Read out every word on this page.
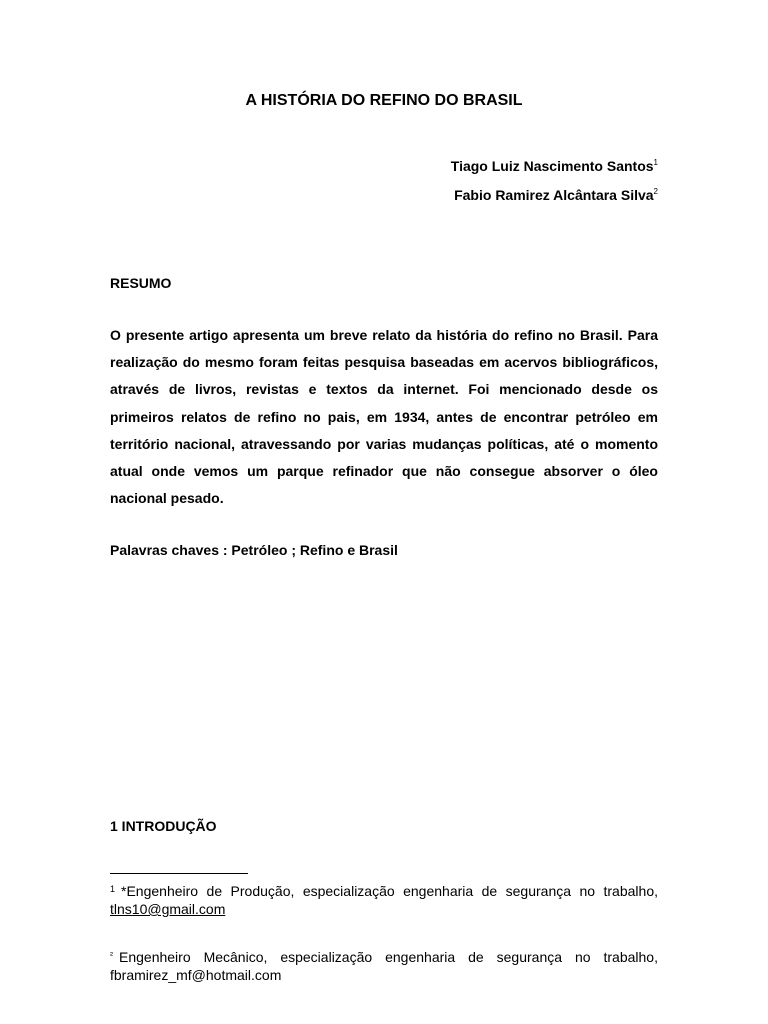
A HISTÓRIA DO REFINO DO BRASIL
Tiago Luiz Nascimento Santos$^1$
Fabio Ramirez Alcântara Silva$^2$
RESUMO

O presente artigo apresenta um breve relato da história do refino no Brasil. Para realização do mesmo foram feitas pesquisa baseadas em acervos bibliográficos, através de livros, revistas e textos da internet. Foi mencionado desde os primeiros relatos de refino no pais, em 1934, antes de encontrar petróleo em território nacional, atravessando por varias mudanças políticas, até o momento atual onde vemos um parque refinador que não consegue absorver o óleo nacional pesado.

Palavras chaves : Petróleo ; Refino e Brasil
1 INTRODUÇÃO

$^1$ *Engenheiro de Produção, especialização engenharia de segurança no trabalho, tlns10@gmail.com

$^{^2}$ Engenheiro Mecânico, especialização engenharia de segurança no trabalho, fbramirez_mf@hotmail.com
